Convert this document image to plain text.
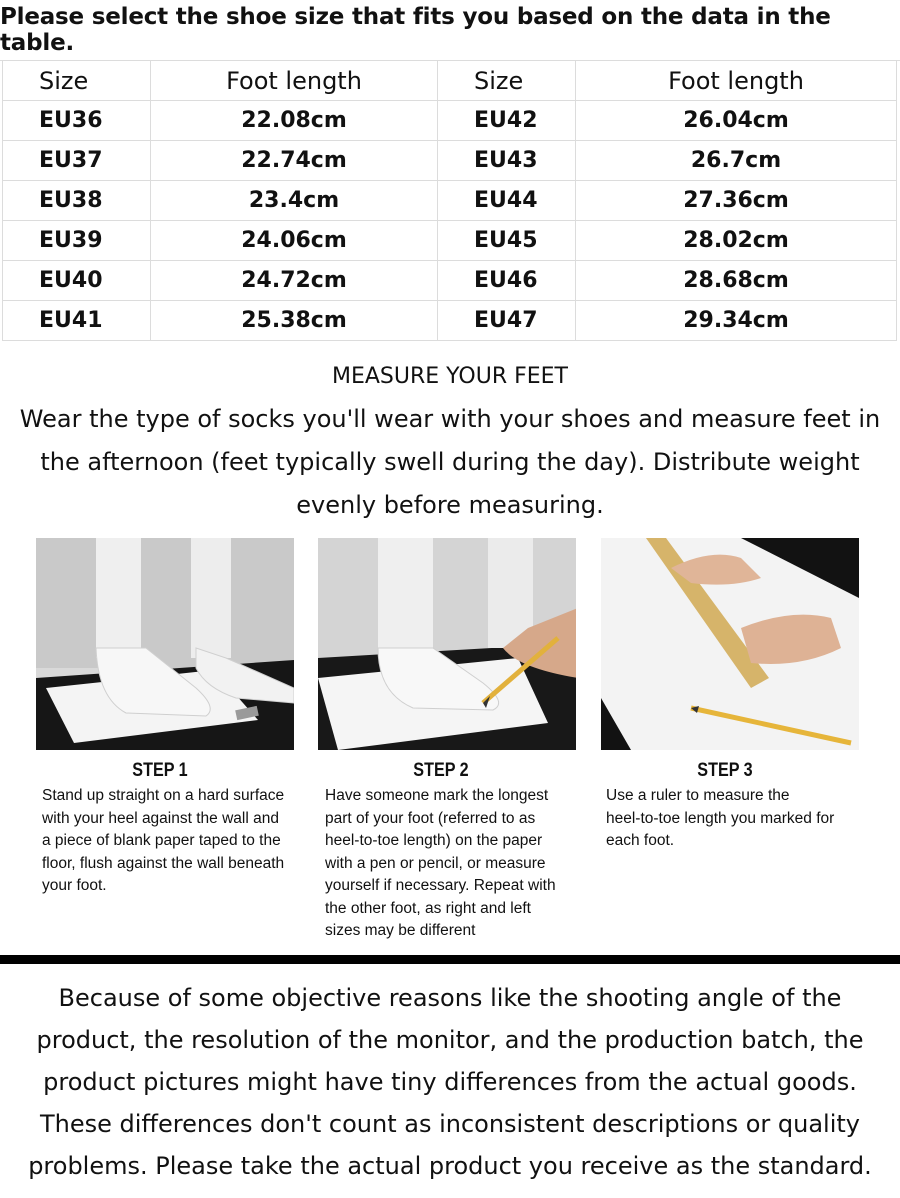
Please select the shoe size that fits you based on the data in the table.
Size	Foot length	Size	Foot length
EU36	22.08cm	EU42	26.04cm
EU37	22.74cm	EU43	26.7cm
EU38	23.4cm	EU44	27.36cm
EU39	24.06cm	EU45	28.02cm
EU40	24.72cm	EU46	28.68cm
EU41	25.38cm	EU47	29.34cm
MEASURE YOUR FEET
Wear the type of socks you'll wear with your shoes and measure feet in the afternoon (feet typically swell during the day). Distribute weight evenly before measuring.
STEP 1
Stand up straight on a hard surface
with your heel against the wall and
a piece of blank paper taped to the
floor, flush against the wall beneath
your foot.
STEP 2
Have someone mark the longest
part of your foot (referred to as
heel-to-toe length) on the paper
with a pen or pencil, or measure
yourself if necessary. Repeat with
the other foot, as right and left
sizes may be different
STEP 3
Use a ruler to measure the
heel-to-toe length you marked for
each foot.
Because of some objective reasons like the shooting angle of the
product, the resolution of the monitor, and the production batch, the
product pictures might have tiny differences from the actual goods.
These differences don't count as inconsistent descriptions or quality
problems. Please take the actual product you receive as the standard.
